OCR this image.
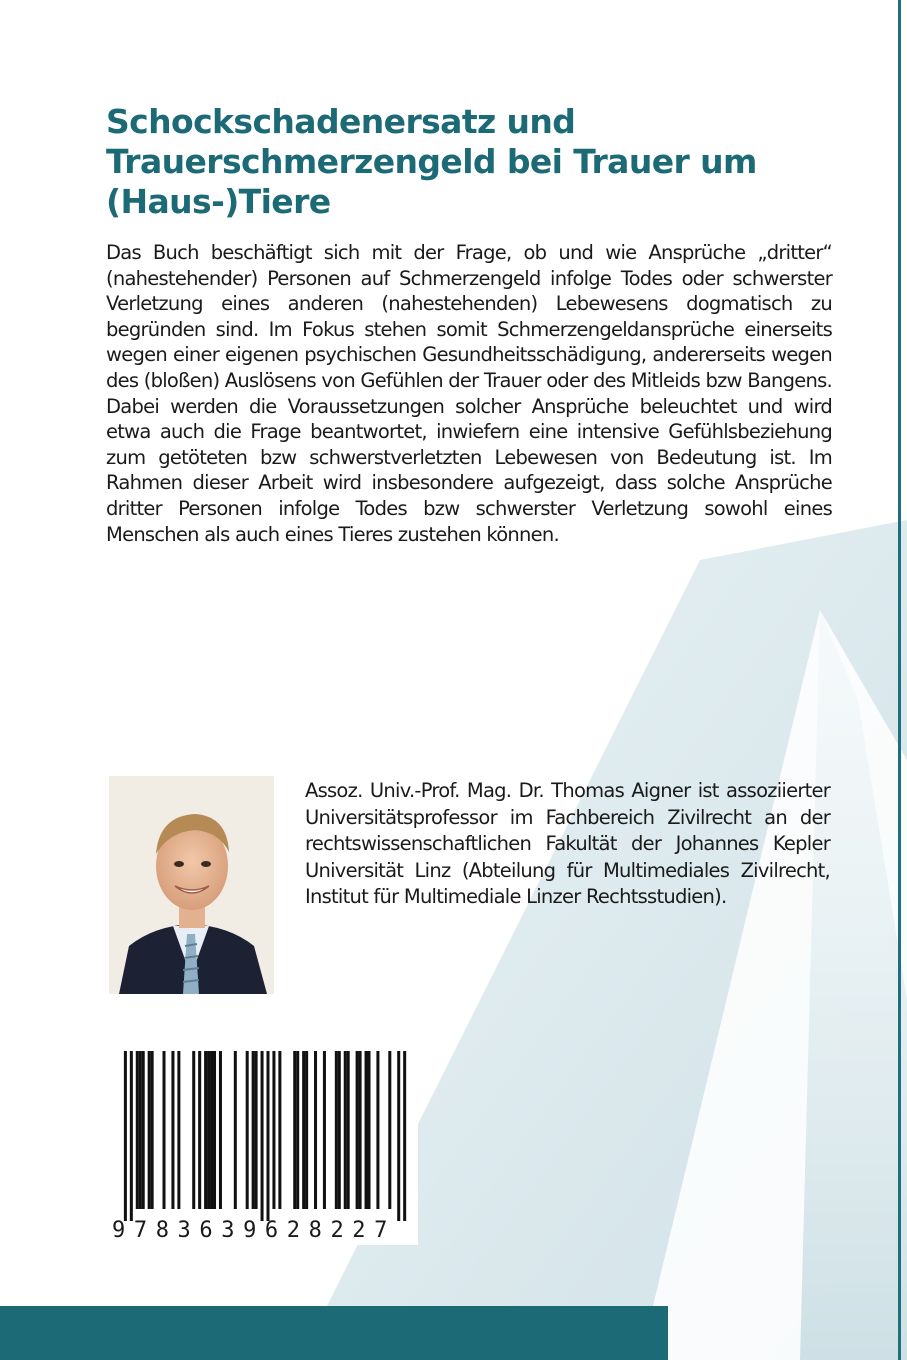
Schockschadenersatz und
Trauerschmerzengeld bei Trauer um
(Haus-)Tiere

Das Buch beschäftigt sich mit der Frage, ob und wie Ansprüche „dritter“ (nahestehender) Personen auf Schmerzengeld infolge Todes oder schwerster Verletzung eines anderen (nahestehenden) Lebewesens dogmatisch zu begründen sind. Im Fokus stehen somit Schmerzengeldansprüche einerseits wegen einer eigenen psychischen Gesundheitsschädigung, andererseits wegen des (bloßen) Auslösens von Gefühlen der Trauer oder des Mitleids bzw Bangens. Dabei werden die Voraussetzungen solcher Ansprüche beleuchtet und wird etwa auch die Frage beantwortet, inwiefern eine intensive Gefühlsbeziehung zum getöteten bzw schwerstverletzten Lebewesen von Bedeutung ist. Im Rahmen dieser Arbeit wird insbesondere aufgezeigt, dass solche Ansprüche dritter Personen infolge Todes bzw schwerster Verletzung sowohl eines Menschen als auch eines Tieres zustehen können.

Assoz. Univ.-Prof. Mag. Dr. Thomas Aigner ist assoziierter Universitätsprofessor im Fachbereich Zivilrecht an der rechtswissenschaftlichen Fakultät der Johannes Kepler Universität Linz (Abteilung für Multimediales Zivilrecht, Institut für Multimediale Linzer Rechtsstudien).

9783639628227
